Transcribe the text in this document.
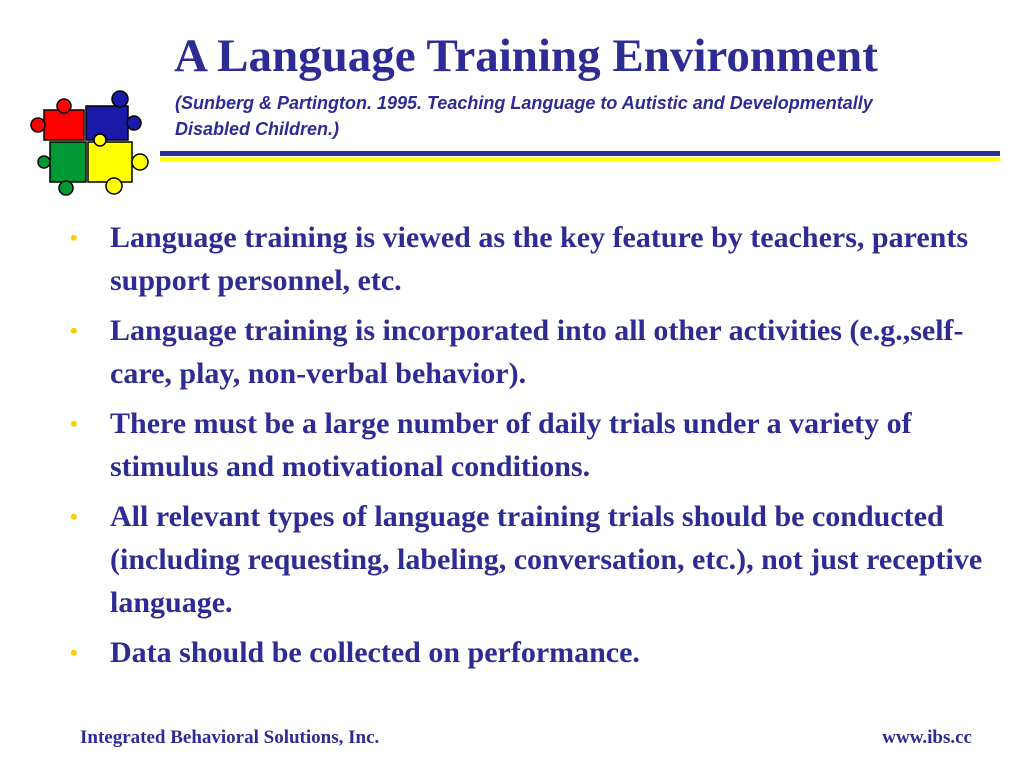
A Language Training Environment
(Sunberg & Partington. 1995. Teaching Language to Autistic and Developmentally Disabled Children.)
•	Language training is viewed as the key feature by teachers, parents support personnel, etc.
•	Language training is incorporated into all other activities (e.g.,self-care, play, non-verbal behavior).
•	There must be a large number of daily trials under a variety of stimulus and motivational conditions.
•	All relevant types of language training trials should be conducted (including requesting, labeling, conversation, etc.), not just receptive language.
•	Data should be collected on performance.
Integrated Behavioral Solutions, Inc.	www.ibs.cc
